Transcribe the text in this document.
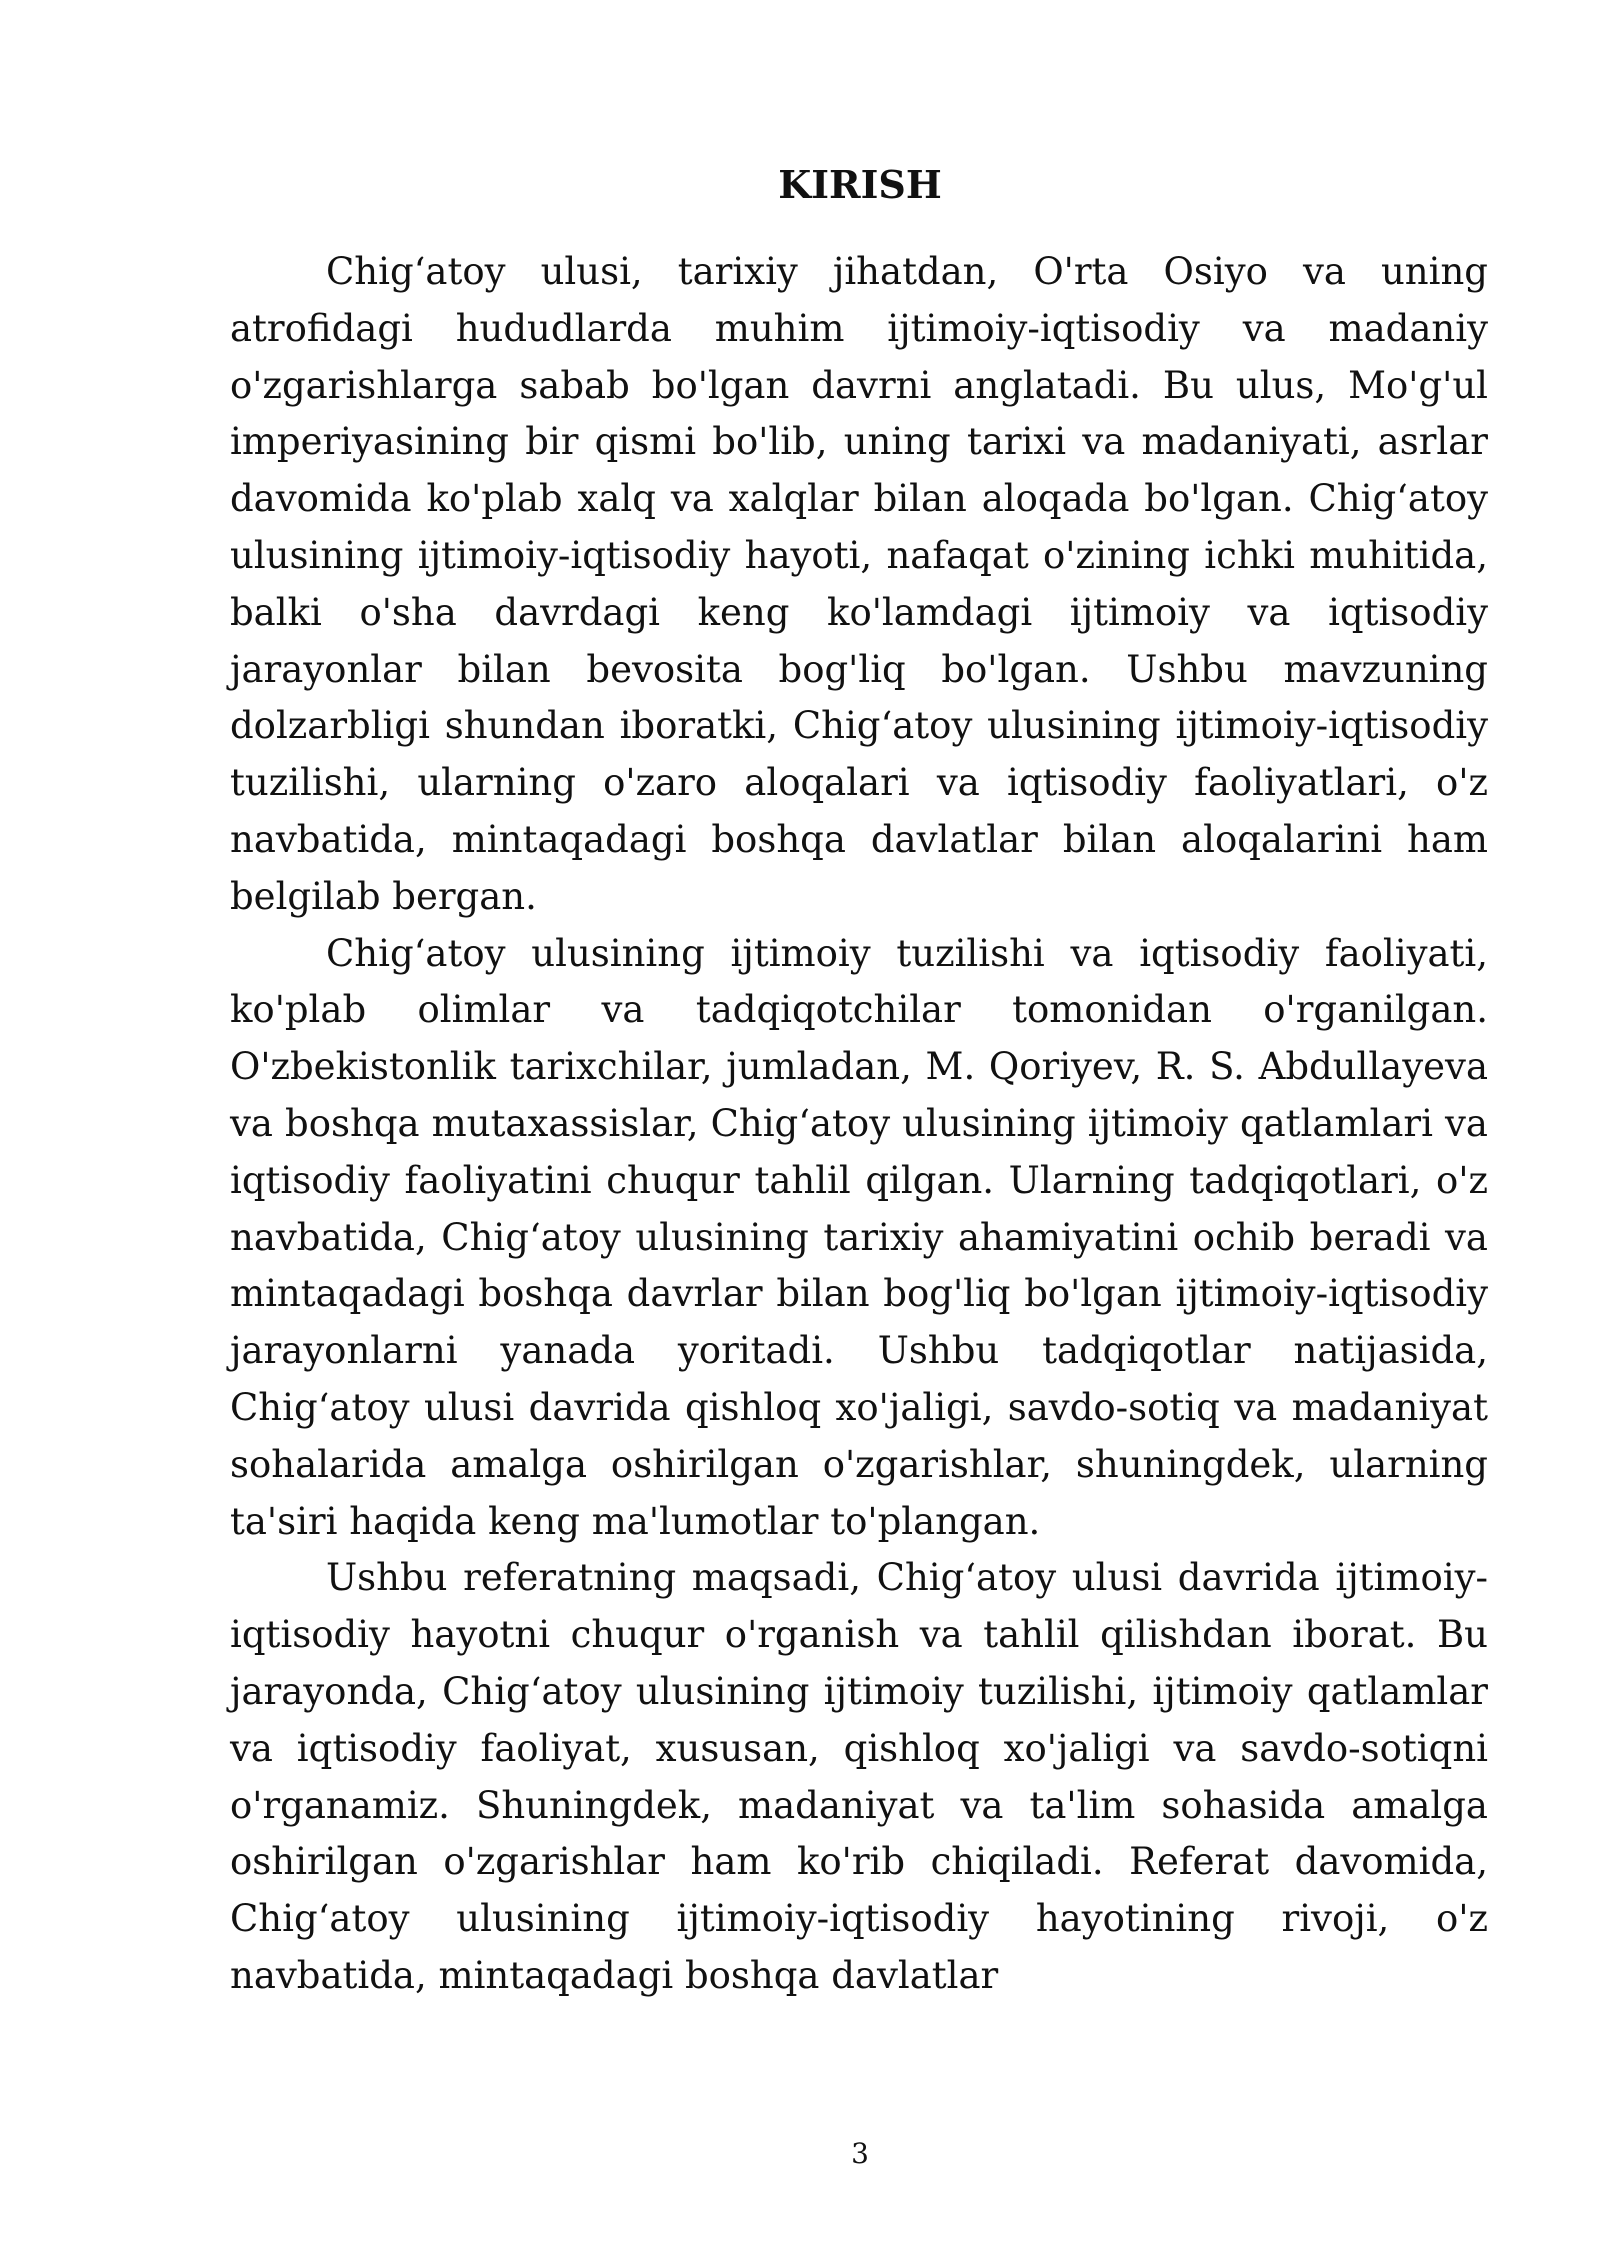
KIRISH

Chigʻatoy ulusi, tarixiy jihatdan, O'rta Osiyo va uning atrofidagi hududlarda muhim ijtimoiy-iqtisodiy va madaniy o'zgarishlarga sabab bo'lgan davrni anglatadi. Bu ulus, Mo'g'ul imperiyasining bir qismi bo'lib, uning tarixi va madaniyati, asrlar davomida ko'plab xalq va xalqlar bilan aloqada bo'lgan. Chigʻatoy ulusining ijtimoiy-iqtisodiy hayoti, nafaqat o'zining ichki muhitida, balki o'sha davrdagi keng ko'lamdagi ijtimoiy va iqtisodiy jarayonlar bilan bevosita bog'liq bo'lgan. Ushbu mavzuning dolzarbligi shundan iboratki, Chigʻatoy ulusining ijtimoiy-iqtisodiy tuzilishi, ularning o'zaro aloqalari va iqtisodiy faoliyatlari, o'z navbatida, mintaqadagi boshqa davlatlar bilan aloqalarini ham belgilab bergan.

Chigʻatoy ulusining ijtimoiy tuzilishi va iqtisodiy faoliyati, ko'plab olimlar va tadqiqotchilar tomonidan o'rganilgan. O'zbekistonlik tarixchilar, jumladan, M. Qoriyev, R. S. Abdullayeva va boshqa mutaxassislar, Chigʻatoy ulusining ijtimoiy qatlamlari va iqtisodiy faoliyatini chuqur tahlil qilgan. Ularning tadqiqotlari, o'z navbatida, Chigʻatoy ulusining tarixiy ahamiyatini ochib beradi va mintaqadagi boshqa davrlar bilan bog'liq bo'lgan ijtimoiy-iqtisodiy jarayonlarni yanada yoritadi. Ushbu tadqiqotlar natijasida, Chigʻatoy ulusi davrida qishloq xo'jaligi, savdo-sotiq va madaniyat sohalarida amalga oshirilgan o'zgarishlar, shuningdek, ularning ta'siri haqida keng ma'lumotlar to'plangan.

Ushbu referatning maqsadi, Chigʻatoy ulusi davrida ijtimoiy-iqtisodiy hayotni chuqur o'rganish va tahlil qilishdan iborat. Bu jarayonda, Chigʻatoy ulusining ijtimoiy tuzilishi, ijtimoiy qatlamlar va iqtisodiy faoliyat, xususan, qishloq xo'jaligi va savdo-sotiqni o'rganamiz. Shuningdek, madaniyat va ta'lim sohasida amalga oshirilgan o'zgarishlar ham ko'rib chiqiladi. Referat davomida, Chigʻatoy ulusining ijtimoiy-iqtisodiy hayotining rivoji, o'z navbatida, mintaqadagi boshqa davlatlar

3
